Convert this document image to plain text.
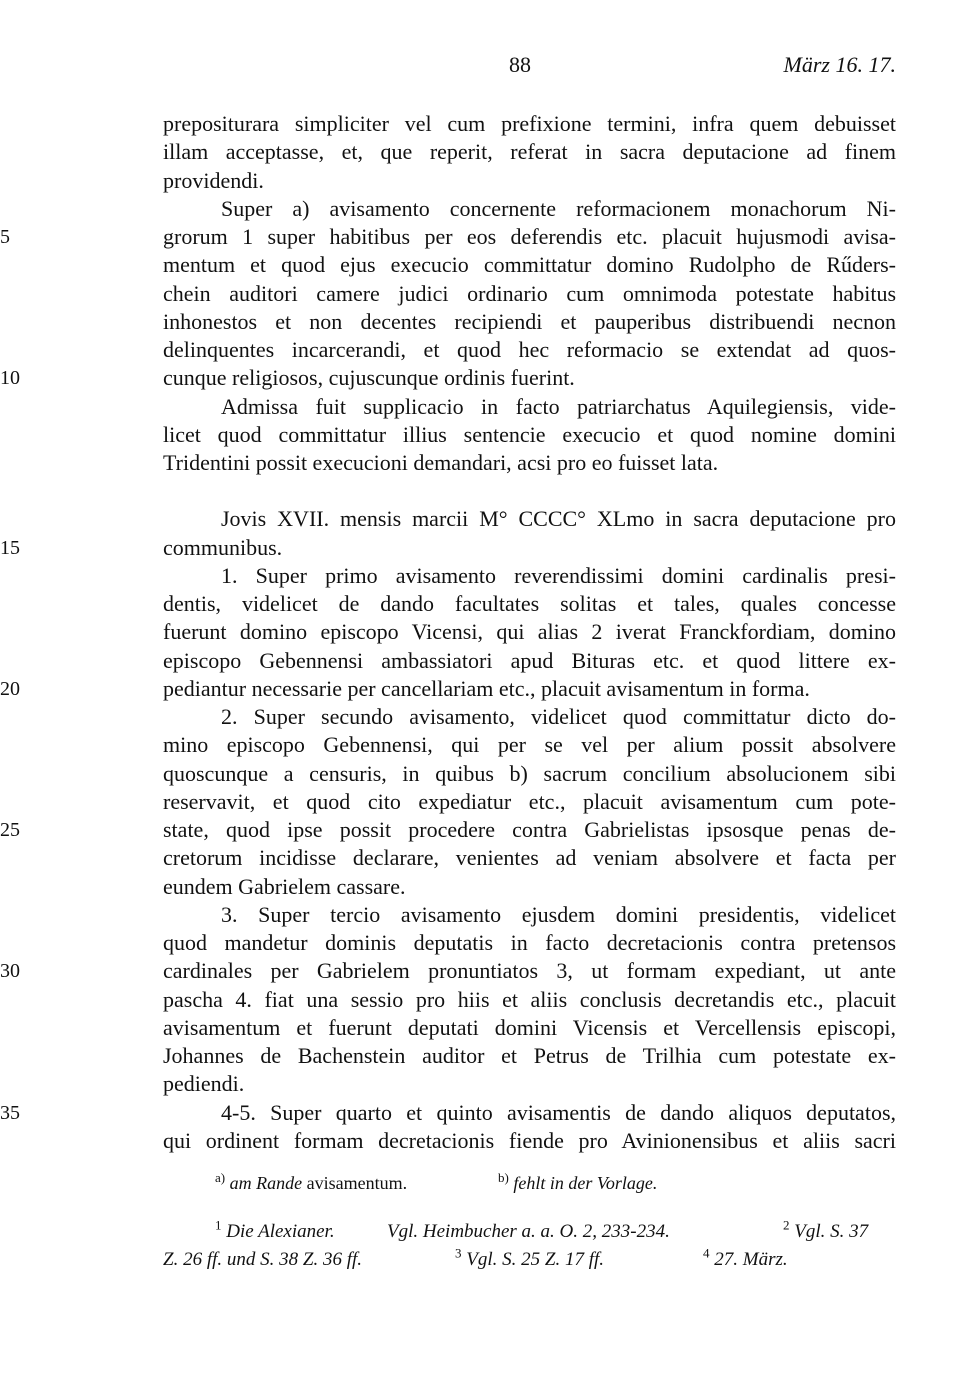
88	März 16. 17.
prepositurara simpliciter vel cum prefixione termini, infra quem debuisset
illam acceptasse, et, que reperit, referat in sacra deputacione ad finem
providendi.
Super a) avisamento concernente reformacionem monachorum Ni-
5	grorum 1 super habitibus per eos deferendis etc. placuit hujusmodi avisa-
mentum et quod ejus execucio committatur domino Rudolpho de Rűders-
chein auditori camere judici ordinario cum omnimoda potestate habitus
inhonestos et non decentes recipiendi et pauperibus distribuendi necnon
delinquentes incarcerandi, et quod hec reformacio se extendat ad quos-
10	cunque religiosos, cujuscunque ordinis fuerint.
Admissa fuit supplicacio in facto patriarchatus Aquilegiensis, vide-
licet quod committatur illius sentencie execucio et quod nomine domini
Tridentini possit execucioni demandari, acsi pro eo fuisset lata.
Jovis XVII. mensis marcii M° CCCC° XLmo in sacra deputacione pro
15	communibus.
1. Super primo avisamento reverendissimi domini cardinalis presi-
dentis, videlicet de dando facultates solitas et tales, quales concesse
fuerunt domino episcopo Vicensi, qui alias 2 iverat Franckfordiam, domino
episcopo Gebennensi ambassiatori apud Bituras etc. et quod littere ex-
20	pediantur necessarie per cancellariam etc., placuit avisamentum in forma.
2. Super secundo avisamento, videlicet quod committatur dicto do-
mino episcopo Gebennensi, qui per se vel per alium possit absolvere
quoscunque a censuris, in quibus b) sacrum concilium absolucionem sibi
reservavit, et quod cito expediatur etc., placuit avisamentum cum pote-
25	state, quod ipse possit procedere contra Gabrielistas ipsosque penas de-
cretorum incidisse declarare, venientes ad veniam absolvere et facta per
eundem Gabrielem cassare.
3. Super tercio avisamento ejusdem domini presidentis, videlicet
quod mandetur dominis deputatis in facto decretacionis contra pretensos
30	cardinales per Gabrielem pronuntiatos 3, ut formam expediant, ut ante
pascha 4. fiat una sessio pro hiis et aliis conclusis decretandis etc., placuit
avisamentum et fuerunt deputati domini Vicensis et Vercellensis episcopi,
Johannes de Bachenstein auditor et Petrus de Trilhia cum potestate ex-
pediendi.
35	4-5. Super quarto et quinto avisamentis de dando aliquos deputatos,
qui ordinent formam decretacionis fiende pro Avinionensibus et aliis sacri
$^{a)}$ am Rande avisamentum.	$^{b)}$ fehlt in der Vorlage.
$^1$ Die Alexianer.	Vgl. Heimbucher a. a. O. 2, 233-234.	$^2$ Vgl. S. 37
Z. 26 ff. und S. 38 Z. 36 ff.	$^3$ Vgl. S. 25 Z. 17 ff.	$^4$ 27. März.
